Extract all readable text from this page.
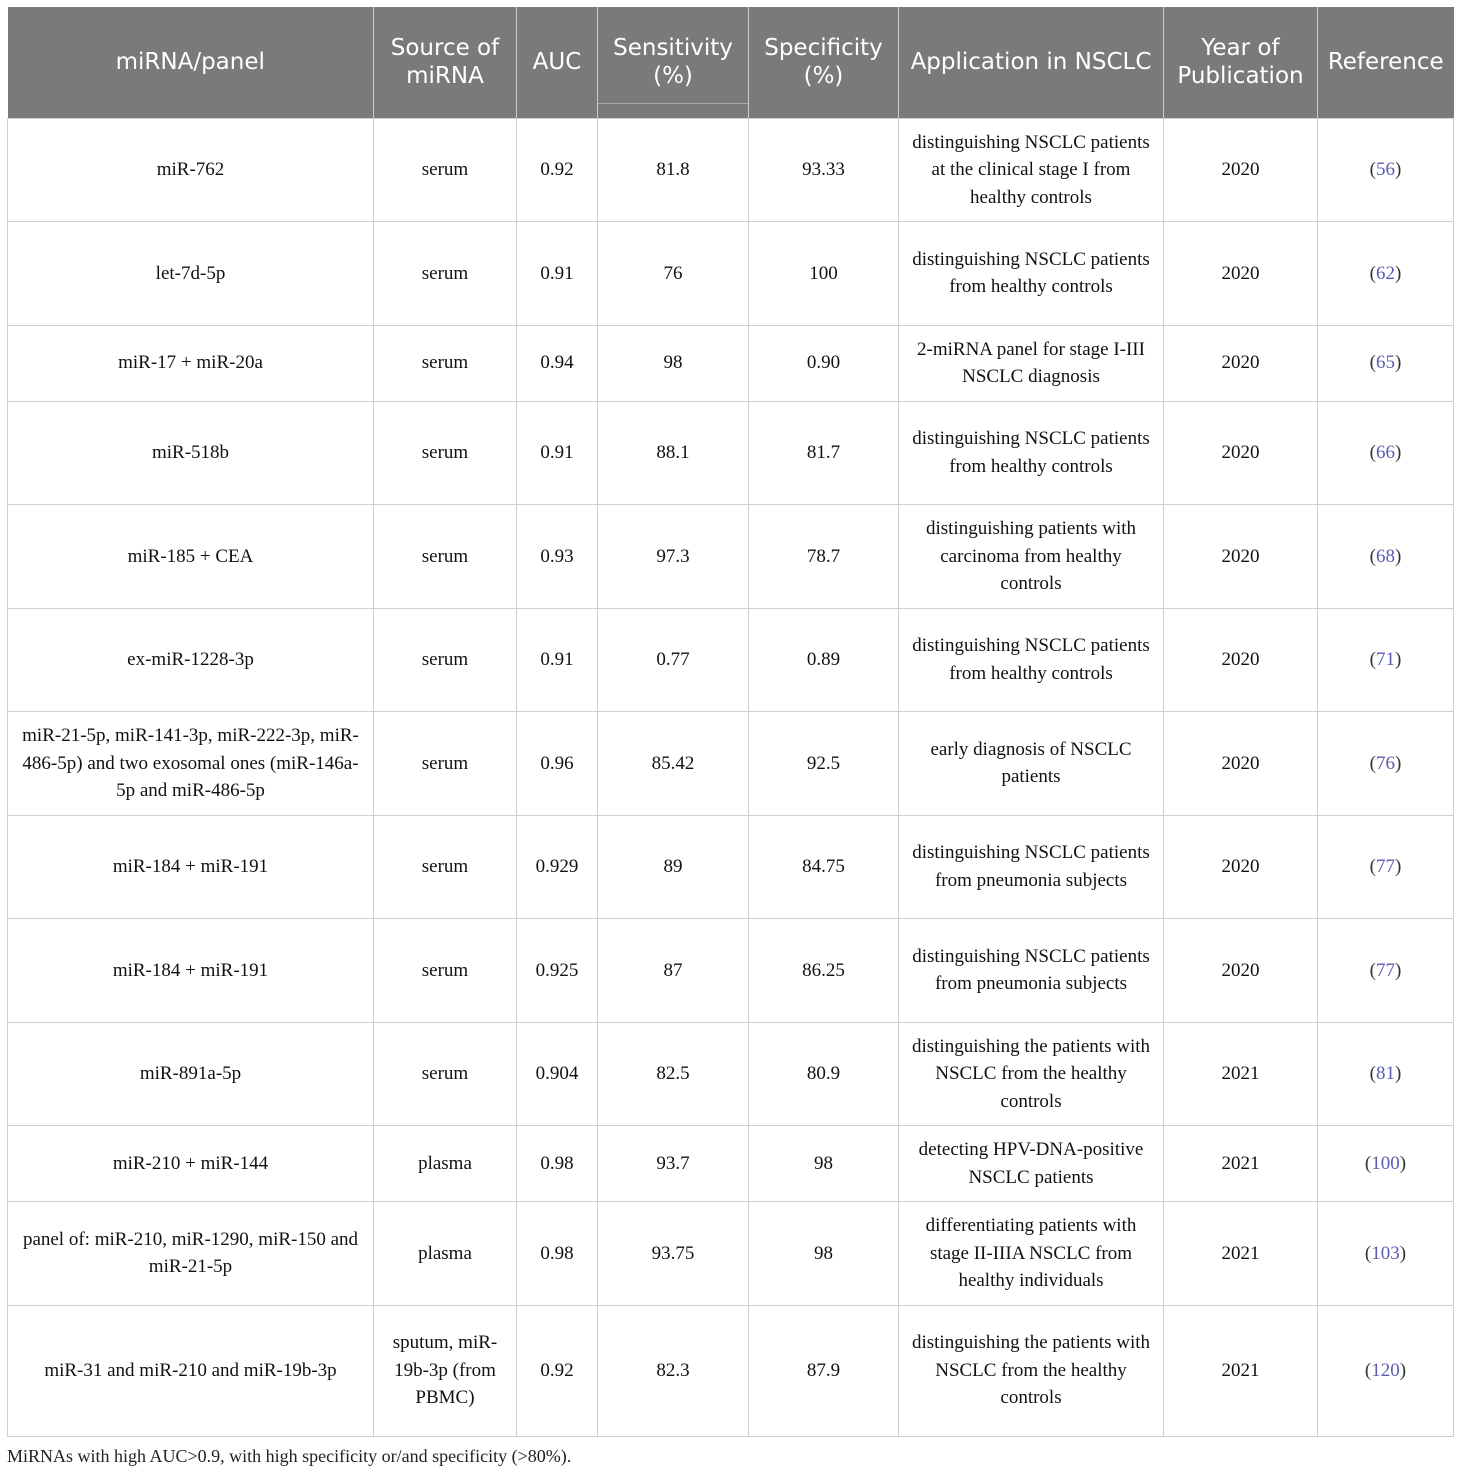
miRNA/panel	Source of miRNA	AUC	Sensitivity (%)	Specificity (%)	Application in NSCLC	Year of Publication	Reference
miR-762	serum	0.92	81.8	93.33	distinguishing NSCLC patients at the clinical stage I from healthy controls	2020	(56)
let-7d-5p	serum	0.91	76	100	distinguishing NSCLC patients from healthy controls	2020	(62)
miR-17 + miR-20a	serum	0.94	98	0.90	2-miRNA panel for stage I-III NSCLC diagnosis	2020	(65)
miR-518b	serum	0.91	88.1	81.7	distinguishing NSCLC patients from healthy controls	2020	(66)
miR-185 + CEA	serum	0.93	97.3	78.7	distinguishing patients with carcinoma from healthy controls	2020	(68)
ex-miR-1228-3p	serum	0.91	0.77	0.89	distinguishing NSCLC patients from healthy controls	2020	(71)
miR-21-5p, miR-141-3p, miR-222-3p, miR-486-5p) and two exosomal ones (miR-146a-5p and miR-486-5p	serum	0.96	85.42	92.5	early diagnosis of NSCLC patients	2020	(76)
miR-184 + miR-191	serum	0.929	89	84.75	distinguishing NSCLC patients from pneumonia subjects	2020	(77)
miR-184 + miR-191	serum	0.925	87	86.25	distinguishing NSCLC patients from pneumonia subjects	2020	(77)
miR-891a-5p	serum	0.904	82.5	80.9	distinguishing the patients with NSCLC from the healthy controls	2021	(81)
miR-210 + miR-144	plasma	0.98	93.7	98	detecting HPV-DNA-positive NSCLC patients	2021	(100)
panel of: miR-210, miR-1290, miR-150 and miR-21-5p	plasma	0.98	93.75	98	differentiating patients with stage II-IIIA NSCLC from healthy individuals	2021	(103)
miR-31 and miR-210 and miR-19b-3p	sputum, miR-19b-3p (from PBMC)	0.92	82.3	87.9	distinguishing the patients with NSCLC from the healthy controls	2021	(120)
MiRNAs with high AUC>0.9, with high specificity or/and specificity (>80%).
